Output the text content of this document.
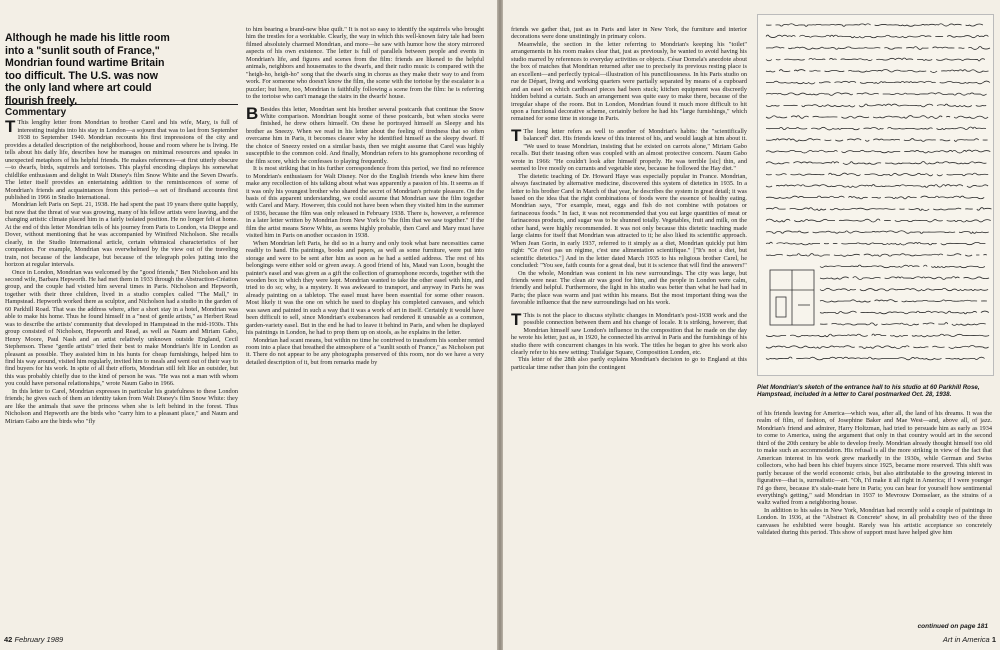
Although he made his little room into a "sunlit south of France," Mondrian found wartime Britain too difficult. The U.S. was now the only land where art could flourish freely.
Commentary

T This lengthy letter from Mondrian to brother Carel and his wife, Mary, is full of interesting insights into his stay in London—a sojourn that was to last from September 1938 to September 1940. Mondrian recounts his first impressions of the city and provides a detailed description of the neighborhood, house and room where he is living. He tells about his daily life, describes how he manages on minimal resources and speaks in unexpected metaphors of his helpful friends. He makes references—at first utterly obscure—to dwarfs, birds, squirrels and tortoises. This playful encoding displays his somewhat childlike enthusiasm and delight in Walt Disney's film Snow White and the Seven Dwarfs. The letter itself provides an entertaining addition to the reminiscences of some of Mondrian's friends and acquaintances from this period—a set of firsthand accounts first published in 1966 in Studio International.

Mondrian left Paris on Sept. 21, 1938. He had spent the past 19 years there quite happily, but now that the threat of war was growing, many of his fellow artists were leaving, and the changing artistic climate placed him in a fairly isolated position. He no longer felt at home. At the end of this letter Mondrian tells of his journey from Paris to London, via Dieppe and Dover, without mentioning that he was accompanied by Winifred Nicholson. She recalls clearly, in the Studio International article, certain whimsical characteristics of her companion. For example, Mondrian was overwhelmed by the view out of the traveling train, not because of the landscape, but because of the telegraph poles jutting into the horizon at regular intervals.

Once in London, Mondrian was welcomed by the "good friends," Ben Nicholson and his second wife, Barbara Hepworth. He had met them in 1933 through the Abstraction-Création group, and the couple had visited him several times in Paris. Nicholson and Hepworth, together with their three children, lived in a studio complex called "The Mall," in Hampstead. Hepworth worked there as sculptor, and Nicholson had a studio in the garden of 60 Parkhill Road. That was the address where, after a short stay in a hotel, Mondrian was able to make his home. Thus he found himself in a "nest of gentle artists," as Herbert Read was to describe the artists' community that developed in Hampstead in the mid-1930s. This group consisted of Nicholson, Hepworth and Read, as well as Naum and Miriam Gabo, Henry Moore, Paul Nash and an artist relatively unknown outside England, Cecil Stephenson. These "gentle artists" tried their best to make Mondrian's life in London as pleasant as possible. They assisted him in his hunts for cheap furnishings, helped him to find his way around, visited him regularly, invited him to meals and went out of their way to find buyers for his work. In spite of all their efforts, Mondrian still felt like an outsider, but this was probably chiefly due to the kind of person he was. "He was not a man with whom you could have personal relationships," wrote Naum Gabo in 1966.

In this letter to Carel, Mondrian expresses in particular his gratefulness to these London friends; he gives each of them an identity taken from Walt Disney's film Snow White: they are like the animals that save the princess when she is left behind in the forest. Thus Nicholson and Hepworth are the birds who "carry him to a pleasant place," and Naum and Miriam Gabo are the birds who "fly

to him bearing a brand-new blue quilt." It is not so easy to identify the squirrels who brought him the trestles for a worktable. Clearly, the way in which this well-known fairy tale had been filmed absolutely charmed Mondrian, and more—he saw with humor how the story mirrored aspects of his own existence. The letter is full of parallels between people and events in Mondrian's life, and figures and scenes from the film: friends are likened to the helpful animals, neighbors and housemates to the dwarfs, and their radio music is compared with the "heigh-ho, heigh-ho" song that the dwarfs sing in chorus as they make their way to and from work. For someone who doesn't know the film, the scene with the tortoise by the escalator is a puzzler; but here, too, Mondrian is faithfully following a scene from the film: he is referring to the tortoise who can't manage the stairs in the dwarfs' house.

B Besides this letter, Mondrian sent his brother several postcards that continue the Snow White comparison. Mondrian bought some of these postcards, but when stocks were finished, he drew others himself. On these he portrayed himself as Sleepy and his brother as Sneezy. When we read in his letter about the feeling of tiredness that so often overcame him in Paris, it becomes clearer why he identified himself as the sleepy dwarf. If the choice of Sneezy rested on a similar basis, then we might assume that Carel was highly susceptible to the common cold. And finally, Mondrian refers to his gramophone recording of the film score, which he confesses to playing frequently.

It is most striking that in his further correspondence from this period, we find no reference to Mondrian's enthusiasm for Walt Disney. Nor do the English friends who knew him there make any recollection of his talking about what was apparently a passion of his. It seems as if it was only his youngest brother who shared the secret of Mondrian's private pleasure. On the basis of this apparent understanding, we could assume that Mondrian saw the film together with Carel and Mary. However, this could not have been when they visited him in the summer of 1936, because the film was only released in February 1938. There is, however, a reference in a later letter written by Mondrian from New York to "the film that we saw together." If the film the artist means Snow White, as seems highly probable, then Carel and Mary must have visited him in Paris on another occasion in 1938.

When Mondrian left Paris, he did so in a hurry and only took what bare necessities came readily to hand. His paintings, books and papers, as well as some furniture, were put into storage and were to be sent after him as soon as he had a settled address. The rest of his belongings were either sold or given away. A good friend of his, Maud van Loon, bought the painter's easel and was given as a gift the collection of gramophone records, together with the wooden box in which they were kept. Mondrian wanted to take the other easel with him, and tried to do so; why, is a mystery. It was awkward to transport, and anyway in Paris he was already painting on a tabletop. The easel must have been essential for some other reason. Most likely it was the one on which he used to display his completed canvases, and which was sawn and painted in such a way that it was a work of art in itself. Certainly it would have been difficult to sell, since Mondrian's exuberances had rendered it unusable as a common, garden-variety easel. But in the end he had to leave it behind in Paris, and when he displayed his paintings in London, he had to prop them up on stools, as he explains in the letter.

Mondrian had scant means, but within no time he contrived to transform his somber rented room into a place that breathed the atmosphere of a "sunlit south of France," as Nicholson put it. There do not appear to be any photographs preserved of this room, nor do we have a very detailed description of it, but from remarks made by

42 February 1989

friends we gather that, just as in Paris and later in New York, the furniture and interior decorations were done unstintingly in primary colors.

Meanwhile, the section in the letter referring to Mondrian's keeping his "toilet" arrangements in his room makes clear that, just as previously, he wanted to avoid having his studio marred by references to everyday activities or objects. César Domela's anecdote about the box of matches that Mondrian returned after use to precisely its previous resting place is an excellent—and perfectly typical—illustration of his punctiliousness. In his Paris studio on rue de Départ, living and working quarters were partially separated by means of a cupboard and an easel on which cardboard pieces had been stuck; kitchen equipment was discreetly hidden behind a curtain. Such an arrangement was quite easy to make there, because of the irregular shape of the room. But in London, Mondrian found it much more difficult to hit upon a functional decorative scheme, certainly before he had his "large furnishings," which remained for some time in storage in Paris.

T The long letter refers as well to another of Mondrian's habits: the "scientifically balanced" diet. His friends knew of this interest of his, and would laugh at him about it. "We used to tease Mondrian, insisting that he existed on carrots alone," Miriam Gabo recalls. But their teasing often was coupled with an almost protective concern. Naum Gabo wrote in 1966: "He couldn't look after himself properly. He was terrible [sic] thin, and seemed to live mostly on currants and vegetable stew, because he followed the Hay diet."

The dietetic teaching of Dr. Howard Haye was especially popular in France. Mondrian, always fascinated by alternative medicine, discovered this system of dietetics in 1935. In a letter to his brother Carel in March of that year, he describes the system in great detail; it was based on the idea that the right combinations of foods were the essence of healthy eating. Mondrian says, "For example, meat, eggs and fish do not combine with potatoes or farinaceous foods." In fact, it was not recommended that you eat large quantities of meat or farinaceous products, and sugar was to be shunned totally. Vegetables, fruit and milk, on the other hand, were highly recommended. It was not only because this dietetic teaching made large claims for itself that Mondrian was attracted to it; he also liked its scientific approach. When Jean Gorin, in early 1937, referred to it simply as a diet, Mondrian quickly put him right: "Ce n'est pas un régime, c'est une alimentation scientifique." ["It's not a diet, but scientific dietetics."] And in the letter dated March 1935 to his religious brother Carel, he concluded: "You see, faith counts for a great deal, but it is science that will find the answers!"

On the whole, Mondrian was content in his new surroundings. The city was large, but friends were near. The clean air was good for him, and the people in London were calm, friendly and helpful. Furthermore, the light in his studio was better than what he had had in Paris; the place was warm and just within his means. But the most important thing was the favorable influence that the new surroundings had on his work.

T This is not the place to discuss stylistic changes in Mondrian's post-1938 work and the possible connection between them and his change of locale. It is striking, however, that Mondrian himself saw London's influence in the composition that he made on the day he wrote his letter, just as, in 1920, he connected his arrival in Paris and the furnishings of his studio there with concurrent changes in his work. The titles he began to give his work also clearly refer to his new setting: Trafalgar Square, Composition Londen, etc.

This letter of the 28th also partly explains Mondrian's decision to go to England at this particular time rather than join the contingent

Piet Mondrian's sketch of the entrance hall to his studio at 60 Parkhill Rose, Hampstead, included in a letter to Carel postmarked Oct. 28, 1938.

of his friends leaving for America—which was, after all, the land of his dreams. It was the realm of film, of fashion, of Josephine Baker and Mae West—and, above all, of jazz. Mondrian's friend and admirer, Harry Holtzman, had tried to persuade him as early as 1934 to come to America, using the argument that only in that country would art in the second third of the 20th century be able to develop freely. Mondrian already thought himself too old to make such an accommodation. His refusal is all the more striking in view of the fact that American interest in his work grew markedly in the 1930s, while German and Swiss collectors, who had been his chief buyers since 1925, became more reserved. This shift was partly because of the world economic crisis, but also attributable to the growing interest in figurative—that is, surrealistic—art. "Oh, I'd make it all right in America; if I were younger I'd go there, because it's stale-mate here in Paris; you can hear for yourself how sentimental everything's getting," said Mondrian in 1937 to Mevrouw Domselaer, as the strains of a waltz wafted from a neighboring house.

In addition to his sales in New York, Mondrian had recently sold a couple of paintings in London. In 1936, at the "Abstract & Concrete" show, in all probability two of the three canvases he exhibited were bought. Rarely was his artistic acceptance so concretely validated during this period. This show of support must have helped give him

continued on page 181
Art in America 1
